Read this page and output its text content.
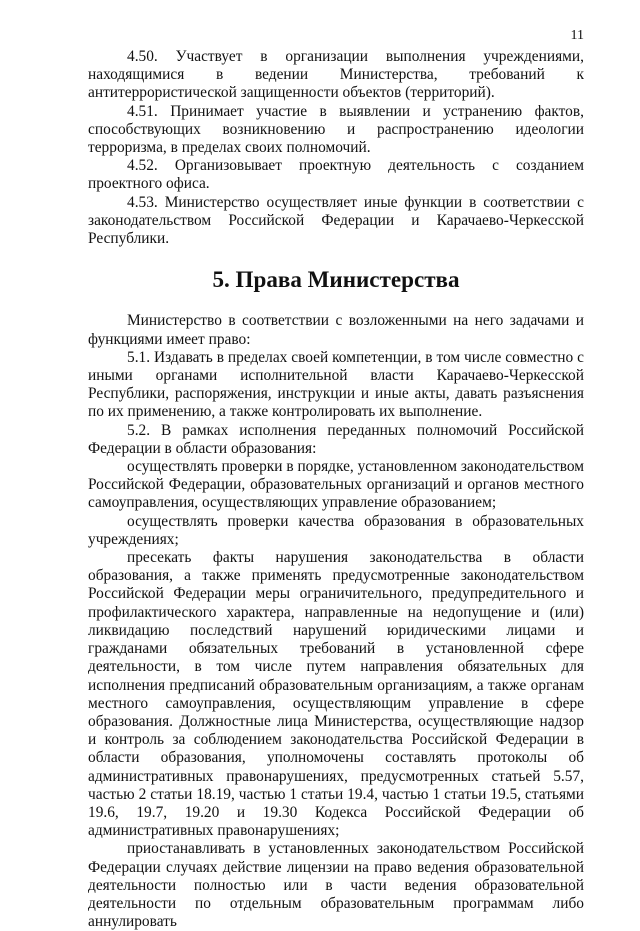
11

4.50. Участвует в организации выполнения учреждениями, находящимися в ведении Министерства, требований к антитеррористической защищенности объектов (территорий).

4.51. Принимает участие в выявлении и устранению фактов, способствующих возникновению и распространению идеологии терроризма, в пределах своих полномочий.

4.52. Организовывает проектную деятельность с созданием проектного офиса.

4.53. Министерство осуществляет иные функции в соответствии с законодательством Российской Федерации и Карачаево-Черкесской Республики.

5. Права Министерства

Министерство в соответствии с возложенными на него задачами и функциями имеет право:

5.1. Издавать в пределах своей компетенции, в том числе совместно с иными органами исполнительной власти Карачаево-Черкесской Республики, распоряжения, инструкции и иные акты, давать разъяснения по их применению, а также контролировать их выполнение.

5.2. В рамках исполнения переданных полномочий Российской Федерации в области образования:

осуществлять проверки в порядке, установленном законодательством Российской Федерации, образовательных организаций и органов местного самоуправления, осуществляющих управление образованием;

осуществлять проверки качества образования в образовательных учреждениях;

пресекать факты нарушения законодательства в области образования, а также применять предусмотренные законодательством Российской Федерации меры ограничительного, предупредительного и профилактического характера, направленные на недопущение и (или) ликвидацию последствий нарушений юридическими лицами и гражданами обязательных требований в установленной сфере деятельности, в том числе путем направления обязательных для исполнения предписаний образовательным организациям, а также органам местного самоуправления, осуществляющим управление в сфере образования. Должностные лица Министерства, осуществляющие надзор и контроль за соблюдением законодательства Российской Федерации в области образования, уполномочены составлять протоколы об административных правонарушениях, предусмотренных статьей 5.57, частью 2 статьи 18.19, частью 1 статьи 19.4, частью 1 статьи 19.5, статьями 19.6, 19.7, 19.20 и 19.30 Кодекса Российской Федерации об административных правонарушениях;

приостанавливать в установленных законодательством Российской Федерации случаях действие лицензии на право ведения образовательной деятельности полностью или в части ведения образовательной деятельности по отдельным образовательным программам либо аннулировать
